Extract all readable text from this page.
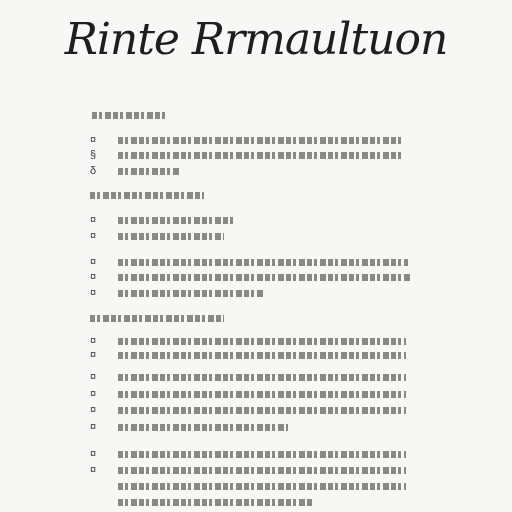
Rinte Rrmaultuon
¤
§
δ
¤
¤
¤
¤
¤
¤
¤
¤
¤
¤
¤
¤
¤
